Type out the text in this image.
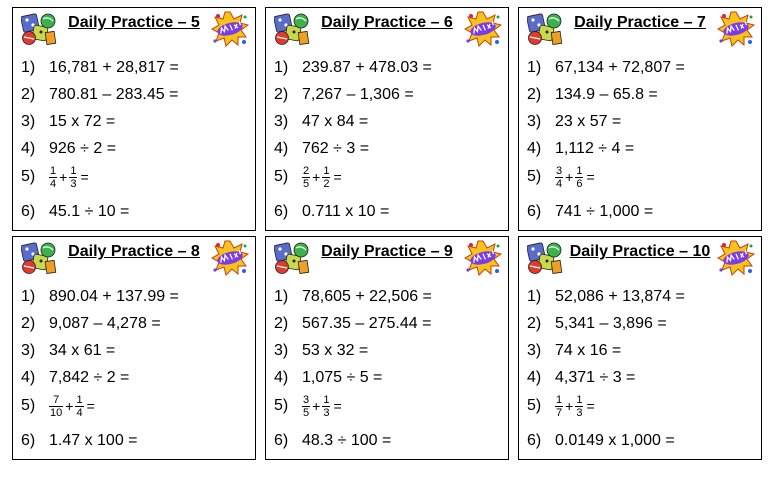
Daily Practice – 5
1) 16,781 + 28,817 =
2) 780.81 – 283.45 =
3) 15 x 72 =
4) 926 ÷ 2 =
$5) \frac{1}{4} + \frac{1}{3}$ =
6) 45.1 ÷ 10 =
Daily Practice – 6
1) 239.87 + 478.03 =
2) 7,267 – 1,306 =
3) 47 x 84 =
4) 762 ÷ 3 =
$5) \frac{2}{5} + \frac{1}{2}$ =
6) 0.711 x 10 =
Daily Practice – 7
1) 67,134 + 72,807 =
2) 134.9 – 65.8 =
3) 23 x 57 =
4) 1,112 ÷ 4 =
$5) \frac{3}{4} + \frac{1}{6}$ =
6) 741 ÷ 1,000 =
Daily Practice – 8
1) 890.04 + 137.99 =
2) 9,087 – 4,278 =
3) 34 x 61 =
4) 7,842 ÷ 2 =
$5) \frac{7}{10} + \frac{1}{4}$ =
6) 1.47 x 100 =
Daily Practice – 9
1) 78,605 + 22,506 =
2) 567.35 – 275.44 =
3) 53 x 32 =
4) 1,075 ÷ 5 =
$5) \frac{3}{5} + \frac{1}{3}$ =
6) 48.3 ÷ 100 =
Daily Practice – 10
1) 52,086 + 13,874 =
2) 5,341 – 3,896 =
3) 74 x 16 =
4) 4,371 ÷ 3 =
$5) \frac{1}{7} + \frac{1}{3}$ =
6) 0.0149 x 1,000 =
